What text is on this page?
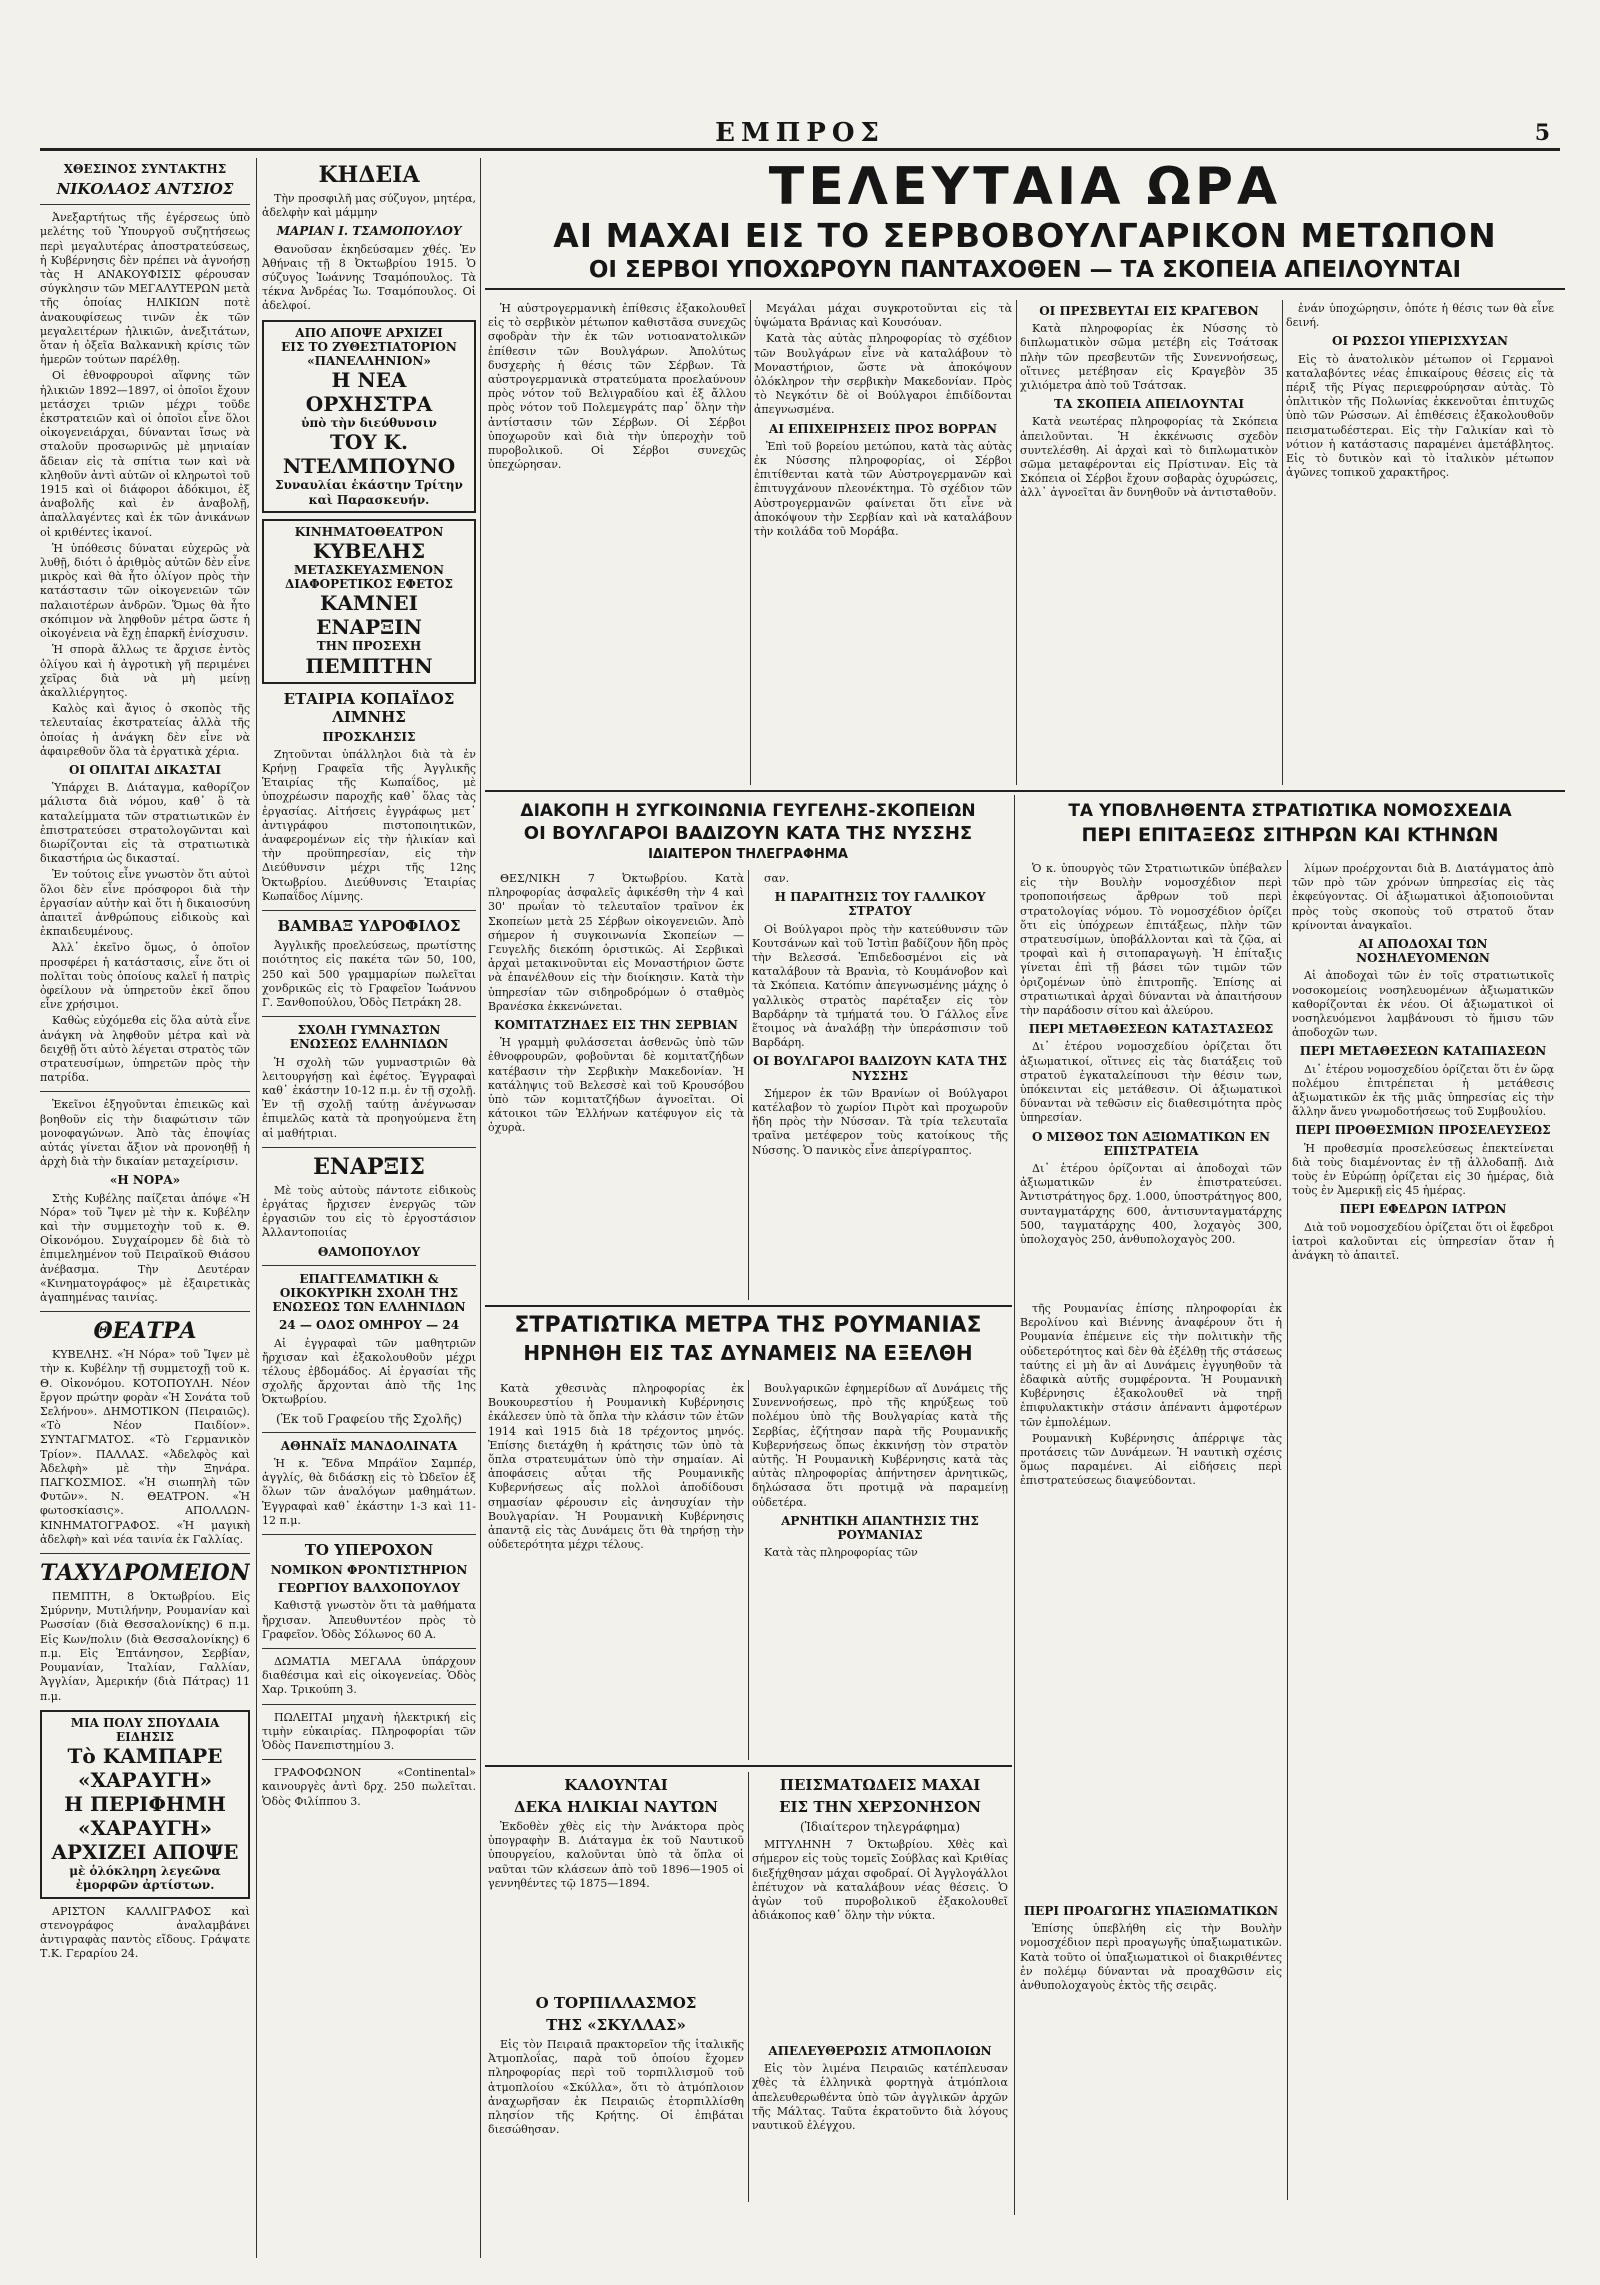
ΕΜΠΡΟΣ	5
ΧΘΕΣΙΝΟΣ ΣΥΝΤΑΚΤΗΣ
ΝΙΚΟΛΑΟΣ ΑΝΤΣΙΟΣ
Ἀνεξαρτήτως τῆς ἐγέρσεως ὑπὸ μελέτης τοῦ Ὑπουργοῦ συζητήσεως περὶ μεγαλυτέρας ἀποστρατεύσεως, ἡ Κυβέρνησις δὲν πρέπει νὰ ἀγνοήσῃ τὰς Η ΑΝΑΚΟΥΦΙΣΙΣ φέρουσαν σύγκλησιν τῶν ΜΕΓΑΛΥΤΕΡΩΝ μετὰ τῆς ὁποίας ΗΛΙΚΙΩΝ ποτὲ ἀνακουφίσεως τινῶν ἐκ τῶν μεγαλειτέρων ἡλικιῶν, ἀνεξιτάτων, ὅταν ἡ ὀξεῖα Βαλκανικὴ κρίσις τῶν ἡμερῶν τούτων παρέλθῃ.
Οἱ ἐθνοφρουροὶ αἵφνης τῶν ἡλικιῶν 1892—1897, οἱ ὁποῖοι ἔχουν μετάσχει τριῶν μέχρι τοῦδε ἐκστρατειῶν καὶ οἱ ὁποῖοι εἶνε ὅλοι οἰκογενειάρχαι, δύνανται ἴσως νὰ σταλοῦν προσωρινῶς μὲ μηνιαίαν ἄδειαν εἰς τὰ σπίτια των καὶ νὰ κληθοῦν ἀντὶ αὐτῶν οἱ κληρωτοὶ τοῦ 1915 καὶ οἱ διάφοροι ἀδόκιμοι, ἐξ ἀναβολῆς καὶ ἐν ἀναβολῇ, ἀπαλλαγέντες καὶ ἐκ τῶν ἀνικάνων οἱ κριθέντες ἱκανοί.
Ἡ ὑπόθεσις δύναται εὐχερῶς νὰ λυθῇ, διότι ὁ ἀριθμὸς αὐτῶν δὲν εἶνε μικρὸς καὶ θὰ ἦτο ὀλίγον πρὸς τὴν κατάστασιν τῶν οἰκογενειῶν τῶν παλαιοτέρων ἀνδρῶν. Ὅμως θὰ ἦτο σκόπιμον νὰ ληφθοῦν μέτρα ὥστε ἡ οἰκογένεια νὰ ἔχῃ ἐπαρκῆ ἐνίσχυσιν.
Ἡ σπορὰ ἄλλως τε ἄρχισε ἐντὸς ὀλίγου καὶ ἡ ἀγροτικὴ γῆ περιμένει χεῖρας διὰ νὰ μὴ μείνῃ ἀκαλλιέργητος.
Καλὸς καὶ ἄγιος ὁ σκοπὸς τῆς τελευταίας ἐκστρατείας ἀλλὰ τῆς ὁποίας ἡ ἀνάγκη δὲν εἶνε νὰ ἀφαιρεθοῦν ὅλα τὰ ἐργατικὰ χέρια.
ΟΙ ΟΠΛΙΤΑΙ ΔΙΚΑΣΤΑΙ
Ὑπάρχει Β. Διάταγμα, καθορίζον μάλιστα διὰ νόμου, καθ᾽ ὃ τὰ καταλείμματα τῶν στρατιωτικῶν ἐν ἐπιστρατεύσει στρατολογῶνται καὶ διωρίζονται εἰς τὰ στρατιωτικὰ δικαστήρια ὡς δικασταί.
Ἐν τούτοις εἶνε γνωστὸν ὅτι αὐτοὶ ὅλοι δὲν εἶνε πρόσφοροι διὰ τὴν ἐργασίαν αὐτὴν καὶ ὅτι ἡ δικαιοσύνη ἀπαιτεῖ ἀνθρώπους εἰδικοὺς καὶ ἐκπαιδευμένους.
Ἀλλ᾽ ἐκεῖνο ὅμως, ὁ ὁποῖον προσφέρει ἡ κατάστασις, εἶνε ὅτι οἱ πολῖται τοὺς ὁποίους καλεῖ ἡ πατρὶς ὀφείλουν νὰ ὑπηρετοῦν ἐκεῖ ὅπου εἶνε χρήσιμοι.
Καθὼς εὐχόμεθα εἰς ὅλα αὐτὰ εἶνε ἀνάγκη νὰ ληφθοῦν μέτρα καὶ νὰ δειχθῇ ὅτι αὐτὸ λέγεται στρατὸς τῶν στρατευσίμων, ὑπηρετῶν πρὸς τὴν πατρίδα.
Ἐκεῖνοι ἐξηγοῦνται ἐπιεικῶς καὶ βοηθοῦν εἰς τὴν διαφώτισιν τῶν μονοφαγώνων. Ἀπὸ τὰς ἐποψίας αὐτάς γίνεται ἄξιον νὰ προνοηθῇ ἡ ἀρχὴ διὰ τὴν δικαίαν μεταχείρισιν.
«Η ΝΟΡΑ»
Στὴς Κυβέλης παίζεται ἀπόψε «Ἡ Νόρα» τοῦ Ἴψεν μὲ τὴν κ. Κυβέλην καὶ τὴν συμμετοχὴν τοῦ κ. Θ. Οἰκονόμου. Συγχαίρομεν δὲ διὰ τὸ ἐπιμελημένον τοῦ Πειραϊκοῦ Θιάσου ἀνέβασμα. Τὴν Δευτέραν «Κινηματογράφος» μὲ ἐξαιρετικὰς ἀγαπημένας ταινίας.
ΘΕΑΤΡΑ
ΚΥΒΕΛΗΣ. «Ἡ Νόρα» τοῦ Ἴψεν μὲ τὴν κ. Κυβέλην τῇ συμμετοχῇ τοῦ κ. Θ. Οἰκονόμου. ΚΟΤΟΠΟΥΛΗ. Νέον ἔργον πρώτην φορὰν «Ἡ Σονάτα τοῦ Σελήνου». ΔΗΜΟΤΙΚΟΝ (Πειραιῶς). «Τὸ Νέον Παιδίον». ΣΥΝΤΑΓΜΑΤΟΣ. «Τὸ Γερμανικὸν Τρίον». ΠΑΛΛΑΣ. «Ἀδελφὸς καὶ Ἀδελφὴ» μὲ τὴν Ξηνάρα. ΠΑΓΚΟΣΜΙΟΣ. «Ἡ σιωπηλὴ τῶν Φυτῶν». Ν. ΘΕΑΤΡΟΝ. «Ἡ φωτοσκίασις». ΑΠΟΛΛΩΝ-ΚΙΝΗΜΑΤΟΓΡΑΦΟΣ. «Ἡ μαγικὴ ἀδελφὴ» καὶ νέα ταινία ἐκ Γαλλίας.
ΤΑΧΥΔΡΟΜΕΙΟΝ
ΠΕΜΠΤΗ, 8 Ὀκτωβρίου. Εἰς Σμύρνην, Μυτιλήνην, Ρουμανίαν καὶ Ρωσσίαν (διὰ Θεσσαλονίκης) 6 π.μ. Εἰς Κων/πολιν (διὰ Θεσσαλονίκης) 6 π.μ. Εἰς Ἑπτάνησον, Σερβίαν, Ρουμανίαν, Ἰταλίαν, Γαλλίαν, Ἀγγλίαν, Ἀμερικήν (διὰ Πάτρας) 11 π.μ.
ΜΙΑ ΠΟΛΥ ΣΠΟΥΔΑΙΑ ΕΙΔΗΣΙΣ
Τὸ ΚΑΜΠΑΡΕ «ΧΑΡΑΥΓΗ»
Η ΠΕΡΙΦΗΜΗ «ΧΑΡΑΥΓΗ»
ΑΡΧΙΖΕΙ ΑΠΟΨΕ
μὲ ὁλόκληρη λεγεῶνα ἐμορφῶν ἀρτίστων.
ΑΡΙΣΤΟΝ ΚΑΛΛΙΓΡΑΦΟΣ καὶ στενογράφος ἀναλαμβάνει ἀντιγραφὰς παντὸς εἴδους. Γράψατε Τ.Κ. Γεραρίου 24.
ΚΗΔΕΙΑ
Τὴν προσφιλῆ μας σύζυγον, μητέρα, ἀδελφὴν καὶ μάμμην
ΜΑΡΙΑΝ Ι. ΤΣΑΜΟΠΟΥΛΟΥ
Θανοῦσαν ἐκηδεύσαμεν χθές. Ἐν Ἀθήναις τῇ 8 Ὀκτωβρίου 1915. Ὁ σύζυγος Ἰωάννης Τσαμόπουλος. Τὰ τέκνα Ἀνδρέας Ἰω. Τσαμόπουλος. Οἱ ἀδελφοί.
ΑΠΟ ΑΠΟΨΕ ΑΡΧΙΖΕΙ
ΕΙΣ ΤΟ ΖΥΘΕΣΤΙΑΤΟΡΙΟΝ «ΠΑΝΕΛΛΗΝΙΟΝ»
Η ΝΕΑ ΟΡΧΗΣΤΡΑ
ὑπὸ τὴν διεύθυνσιν
ΤΟΥ Κ. ΝΤΕΛΜΠΟΥΝΟ
Συναυλίαι ἑκάστην Τρίτην καὶ Παρασκευήν.
ΚΙΝΗΜΑΤΟΘΕΑΤΡΟΝ
ΚΥΒΕΛΗΣ
ΜΕΤΑΣΚΕΥΑΣΜΕΝΟΝ
ΔΙΑΦΟΡΕΤΙΚΟΣ ΕΦΕΤΟΣ
ΚΑΜΝΕΙ ΕΝΑΡΞΙΝ
ΤΗΝ ΠΡΟΣΕΧΗ
ΠΕΜΠΤΗΝ
ΕΤΑΙΡΙΑ ΚΟΠΑΪΔΟΣ ΛΙΜΝΗΣ
ΠΡΟΣΚΛΗΣΙΣ
Ζητοῦνται ὑπάλληλοι διὰ τὰ ἐν Κρήνῃ Γραφεῖα τῆς Ἀγγλικῆς Ἑταιρίας τῆς Κωπαΐδος, μὲ ὑποχρέωσιν παροχῆς καθ᾽ ὅλας τὰς ἐργασίας. Αἰτήσεις ἐγγράφως μετ᾽ ἀντιγράφου πιστοποιητικῶν, ἀναφερομένων εἰς τὴν ἡλικίαν καὶ τὴν προϋπηρεσίαν, εἰς τὴν Διεύθυνσιν μέχρι τῆς 12ης Ὀκτωβρίου. Διεύθυνσις Ἑταιρίας Κωπαΐδος Λίμνης.
ΒΑΜΒΑΞ ΥΔΡΟΦΙΛΟΣ
Ἀγγλικῆς προελεύσεως, πρωτίστης ποιότητος εἰς πακέτα τῶν 50, 100, 250 καὶ 500 γραμμαρίων πωλεῖται χονδρικῶς εἰς τὸ Γραφεῖον Ἰωάννου Γ. Ξανθοπούλου, Ὁδὸς Πετράκη 28.
ΣΧΟΛΗ ΓΥΜΝΑΣΤΩΝ ΕΝΩΣΕΩΣ ΕΛΛΗΝΙΔΩΝ
Ἡ σχολὴ τῶν γυμναστριῶν θὰ λειτουργήσῃ καὶ ἐφέτος. Ἐγγραφαὶ καθ᾽ ἑκάστην 10-12 π.μ. ἐν τῇ σχολῇ. Ἐν τῇ σχολῇ ταύτῃ ἀνέγνωσαν ἐπιμελῶς κατὰ τὰ προηγούμενα ἔτη αἱ μαθήτριαι.
ΕΝΑΡΞΙΣ
Μὲ τοὺς αὐτοὺς πάντοτε εἰδικοὺς ἐργάτας ἤρχισεν ἐνεργῶς τῶν ἐργασιῶν του εἰς τὸ ἐργοστάσιον Ἀλλαντοποιίας
ΘΑΜΟΠΟΥΛΟΥ
ΕΠΑΓΓΕΛΜΑΤΙΚΗ & ΟΙΚΟΚΥΡΙΚΗ ΣΧΟΛΗ ΤΗΣ ΕΝΩΣΕΩΣ ΤΩΝ ΕΛΛΗΝΙΔΩΝ
24 — ΟΔΟΣ ΟΜΗΡΟΥ — 24
Αἱ ἐγγραφαὶ τῶν μαθητριῶν ἤρχισαν καὶ ἐξακολουθοῦν μέχρι τέλους ἐβδομάδος. Αἱ ἐργασίαι τῆς σχολῆς ἄρχονται ἀπὸ τῆς 1ης Ὀκτωβρίου.
(Ἐκ τοῦ Γραφείου τῆς Σχολῆς)
ΑΘΗΝΑΪΣ ΜΑΝΔΟΛΙΝΑΤΑ
Ἡ κ. Ἔδνα Μπράϊον Σαμπέρ, ἀγγλίς, θὰ διδάσκῃ εἰς τὸ Ὠδεῖον ἐξ ὅλων τῶν ἀναλόγων μαθημάτων. Ἐγγραφαὶ καθ᾽ ἑκάστην 1-3 καὶ 11-12 π.μ.
ΤΟ ΥΠΕΡΟΧΟΝ
ΝΟΜΙΚΟΝ ΦΡΟΝΤΙΣΤΗΡΙΟΝ
ΓΕΩΡΓΙΟΥ ΒΑΛΧΟΠΟΥΛΟΥ
Καθιστᾷ γνωστὸν ὅτι τὰ μαθήματα ἤρχισαν. Ἀπευθυντέον πρὸς τὸ Γραφεῖον. Ὁδὸς Σόλωνος 60 Α.
ΔΩΜΑΤΙΑ ΜΕΓΑΛΑ ὑπάρχουν διαθέσιμα καὶ εἰς οἰκογενείας. Ὁδὸς Χαρ. Τρικούπη 3.
ΠΩΛΕΙΤΑΙ μηχανὴ ἠλεκτρική εἰς τιμὴν εὐκαιρίας. Πληροφορίαι τῶν Ὁδὸς Πανεπιστημίου 3.
ΓΡΑΦΟΦΩΝΟΝ «Continental» καινουργὲς ἀντὶ δρχ. 250 πωλεῖται. Ὁδὸς Φιλίππου 3.
ΤΕΛΕΥΤΑΙΑ ΩΡΑ
ΑΙ ΜΑΧΑΙ ΕΙΣ ΤΟ ΣΕΡΒΟΒΟΥΛΓΑΡΙΚΟΝ ΜΕΤΩΠΟΝ
ΟΙ ΣΕΡΒΟΙ ΥΠΟΧΩΡΟΥΝ ΠΑΝΤΑΧΟΘΕΝ — ΤΑ ΣΚΟΠΕΙΑ ΑΠΕΙΛΟΥΝΤΑΙ
Ἡ αὐστρογερμανικὴ ἐπίθεσις ἐξακολουθεῖ εἰς τὸ σερβικὸν μέτωπον καθιστᾶσα συνεχῶς σφοδρὰν τὴν ἐκ τῶν νοτιοανατολικῶν ἐπίθεσιν τῶν Βουλγάρων. Ἀπολύτως δυσχερὴς ἡ θέσις τῶν Σέρβων. Τὰ αὐστρογερμανικὰ στρατεύματα προελαύνουν πρὸς νότον τοῦ Βελιγραδίου καὶ ἐξ ἄλλου πρὸς νότον τοῦ Πολεμεγράτς παρ᾽ ὅλην τὴν ἀντίστασιν τῶν Σέρβων. Οἱ Σέρβοι ὑποχωροῦν καὶ διὰ τὴν ὑπεροχὴν τοῦ πυροβολικοῦ. Οἱ Σέρβοι συνεχῶς ὑπεχώρησαν.
Μεγάλαι μάχαι συγκροτοῦνται εἰς τὰ ὑψώματα Βράνιας καὶ Κουσόυαν.
Κατὰ τὰς αὐτὰς πληροφορίας τὸ σχέδιον τῶν Βουλγάρων εἶνε νὰ καταλάβουν τὸ Μοναστήριον, ὥστε νὰ ἀποκόψουν ὁλόκληρον τὴν σερβικὴν Μακεδονίαν. Πρὸς τὸ Νεγκότιν δὲ οἱ Βούλγαροι ἐπιδίδονται ἀπεγνωσμένα.
ΑΙ ΕΠΙΧΕΙΡΗΣΕΙΣ ΠΡΟΣ ΒΟΡΡΑΝ
Ἐπὶ τοῦ βορείου μετώπου, κατὰ τὰς αὐτὰς ἐκ Νύσσης πληροφορίας, οἱ Σέρβοι ἐπιτίθενται κατὰ τῶν Αὐστρογερμανῶν καὶ ἐπιτυγχάνουν πλεονέκτημα. Τὸ σχέδιον τῶν Αὐστρογερμανῶν φαίνεται ὅτι εἶνε νὰ ἀποκόψουν τὴν Σερβίαν καὶ νὰ καταλάβουν τὴν κοιλάδα τοῦ Μοράβα.
ΟΙ ΠΡΕΣΒΕΥΤΑΙ ΕΙΣ ΚΡΑΓΕΒΟΝ
Κατὰ πληροφορίας ἐκ Νύσσης τὸ διπλωματικὸν σῶμα μετέβη εἰς Τσάτσακ πλὴν τῶν πρεσβευτῶν τῆς Συνεννοήσεως, οἵτινες μετέβησαν εἰς Κραγεβὸν 35 χιλιόμετρα ἀπὸ τοῦ Τσάτσακ.
ΤΑ ΣΚΟΠΕΙΑ ΑΠΕΙΛΟΥΝΤΑΙ
Κατὰ νεωτέρας πληροφορίας τὰ Σκόπεια ἀπειλοῦνται. Ἡ ἐκκένωσις σχεδὸν συντελέσθη. Αἱ ἀρχαὶ καὶ τὸ διπλωματικὸν σῶμα μεταφέρονται εἰς Πρίστιναν. Εἰς τὰ Σκόπεια οἱ Σέρβοι ἔχουν σοβαρὰς ὀχυρώσεις, ἀλλ᾽ ἀγνοεῖται ἂν δυνηθοῦν νὰ ἀντισταθοῦν.
ἐνάν ὑποχώρησιν, ὁπότε ἡ θέσις των θὰ εἶνε δεινή.
ΟΙ ΡΩΣΣΟΙ ΥΠΕΡΙΣΧΥΣΑΝ
Εἰς τὸ ἀνατολικὸν μέτωπον οἱ Γερμανοὶ καταλαβόντες νέας ἐπικαίρους θέσεις εἰς τὰ πέριξ τῆς Ρίγας περιεφρούρησαν αὐτὰς. Τὸ ὁπλιτικὸν τῆς Πολωνίας ἐκκενοῦται ἐπιτυχῶς ὑπὸ τῶν Ρώσσων. Αἱ ἐπιθέσεις ἐξακολουθοῦν πεισματωδέστεραι. Εἰς τὴν Γαλικίαν καὶ τὸ νότιον ἡ κατάστασις παραμένει ἀμετάβλητος. Εἰς τὸ δυτικὸν καὶ τὸ ἰταλικὸν μέτωπον ἀγῶνες τοπικοῦ χαρακτῆρος.
ΔΙΑΚΟΠΗ Η ΣΥΓΚΟΙΝΩΝΙΑ ΓΕΥΓΕΛΗΣ-ΣΚΟΠΕΙΩΝ
ΟΙ ΒΟΥΛΓΑΡΟΙ ΒΑΔΙΖΟΥΝ ΚΑΤΑ ΤΗΣ ΝΥΣΣΗΣ
ΙΔΙΑΙΤΕΡΟΝ ΤΗΛΕΓΡΑΦΗΜΑ
ΘΕΣ/ΝΙΚΗ 7 Ὀκτωβρίου. Κατὰ πληροφορίας ἀσφαλεῖς ἀφικέσθη τὴν 4 καὶ 30' πρωΐαν τὸ τελευταῖον τραῖνον ἐκ Σκοπείων μετὰ 25 Σέρβων οἰκογενειῶν. Ἀπὸ σήμερον ἡ συγκοινωνία Σκοπείων — Γευγελῆς διεκόπη ὁριστικῶς. Αἱ Σερβικαὶ ἀρχαὶ μετακινοῦνται εἰς Μοναστήριον ὥστε νὰ ἐπανέλθουν εἰς τὴν διοίκησιν. Κατὰ τὴν ὑπηρεσίαν τῶν σιδηροδρόμων ὁ σταθμὸς Βρανέσκα ἐκκενώνεται.
ΚΟΜΙΤΑΤΖΗΔΕΣ ΕΙΣ ΤΗΝ ΣΕΡΒΙΑΝ
Ἡ γραμμὴ φυλάσσεται ἀσθενῶς ὑπὸ τῶν ἐθνοφρουρῶν, φοβοῦνται δὲ κομιτατζήδων κατέβασιν τὴν Σερβικὴν Μακεδονίαν. Ἡ κατάληψις τοῦ Βελεσσὲ καὶ τοῦ Κρουσόβου ὑπὸ τῶν κομιτατζήδων ἀγνοεῖται. Οἱ κάτοικοι τῶν Ἑλλήνων κατέφυγον εἰς τὰ ὀχυρὰ.
σαν.
Η ΠΑΡΑΙΤΗΣΙΣ ΤΟΥ ΓΑΛΛΙΚΟΥ ΣΤΡΑΤΟΥ
Οἱ Βούλγαροι πρὸς τὴν κατεύθυνσιν τῶν Κουτσάνων καὶ τοῦ Ἰστὶπ βαδίζουν ἤδη πρὸς τὴν Βελεσσά. Ἐπιδεδοσμένοι εἰς νὰ καταλάβουν τὰ Βρανὶα, τὸ Κουμάνοβον καὶ τὰ Σκόπεια. Κατόπιν ἀπεγνωσμένης μάχης ὁ γαλλικὸς στρατὸς παρέταξεν εἰς τὸν Βαρδάρην τὰ τμήματά του. Ὁ Γάλλος εἶνε ἕτοιμος νὰ ἀναλάβῃ τὴν ὑπεράσπισιν τοῦ Βαρδάρη.
ΟΙ ΒΟΥΛΓΑΡΟΙ ΒΑΔΙΖΟΥΝ ΚΑΤΑ ΤΗΣ ΝΥΣΣΗΣ
Σήμερον ἐκ τῶν Βρανίων οἱ Βούλγαροι κατέλαβον τὸ χωρίον Πιρὸτ καὶ προχωροῦν ἤδη πρὸς τὴν Νύσσαν. Τὰ τρία τελευταῖα τραῖνα μετέφερον τοὺς κατοίκους τῆς Νύσσης. Ὁ πανικὸς εἶνε ἀπερίγραπτος.
ΤΑ ΥΠΟΒΛΗΘΕΝΤΑ ΣΤΡΑΤΙΩΤΙΚΑ ΝΟΜΟΣΧΕΔΙΑ
ΠΕΡΙ ΕΠΙΤΑΞΕΩΣ ΣΙΤΗΡΩΝ ΚΑΙ ΚΤΗΝΩΝ
Ὁ κ. ὑπουργὸς τῶν Στρατιωτικῶν ὑπέβαλεν εἰς τὴν Βουλὴν νομοσχέδιον περὶ τροποποιήσεως ἄρθρων τοῦ περὶ στρατολογίας νόμου. Τὸ νομοσχέδιον ὁρίζει ὅτι εἰς ὑπόχρεων ἐπιτάξεως, πλὴν τῶν στρατευσίμων, ὑποβάλλονται καὶ τὰ ζῷα, αἱ τροφαὶ καὶ ἡ σιτοπαραγωγὴ. Ἡ ἐπίταξις γίνεται ἐπὶ τῇ βάσει τῶν τιμῶν τῶν ὁριζομένων ὑπὸ ἐπιτροπῆς. Ἐπίσης αἱ στρατιωτικαὶ ἀρχαὶ δύνανται νὰ ἀπαιτήσουν τὴν παράδοσιν σίτου καὶ ἀλεύρου.
ΠΕΡΙ ΜΕΤΑΘΕΣΕΩΝ ΚΑΤΑΣΤΑΣΕΩΣ
Δι᾽ ἑτέρου νομοσχεδίου ὁρίζεται ὅτι ἀξιωματικοί, οἵτινες εἰς τὰς διατάξεις τοῦ στρατοῦ ἐγκαταλείπουσι τὴν θέσιν των, ὑπόκεινται εἰς μετάθεσιν. Οἱ ἀξιωματικοὶ δύνανται νὰ τεθῶσιν εἰς διαθεσιμότητα πρὸς ὑπηρεσίαν.
Ο ΜΙΣΘΟΣ ΤΩΝ ΑΞΙΩΜΑΤΙΚΩΝ ΕΝ ΕΠΙΣΤΡΑΤΕΙΑ
Δι᾽ ἑτέρου ὁρίζονται αἱ ἀποδοχαὶ τῶν ἀξιωματικῶν ἐν ἐπιστρατεύσει. Ἀντιστράτηγος δρχ. 1.000, ὑποστράτηγος 800, συνταγματάρχης 600, ἀντισυνταγματάρχης 500, ταγματάρχης 400, λοχαγὸς 300, ὑπολοχαγὸς 250, ἀνθυπολοχαγὸς 200.
λίμων προέρχονται διὰ Β. Διατάγματος ἀπὸ τῶν πρὸ τῶν χρόνων ὑπηρεσίας εἰς τὰς ἐκφεύγοντας. Οἱ ἀξιωματικοὶ ἀξιοποιοῦνται πρὸς τοὺς σκοποὺς τοῦ στρατοῦ ὅταν κρίνονται ἀναγκαῖοι.
ΑΙ ΑΠΟΔΟΧΑΙ ΤΩΝ ΝΟΣΗΛΕΥΟΜΕΝΩΝ
Αἱ ἀποδοχαὶ τῶν ἐν τοῖς στρατιωτικοῖς νοσοκομείοις νοσηλευομένων ἀξιωματικῶν καθορίζονται ἐκ νέου. Οἱ ἀξιωματικοὶ οἱ νοσηλευόμενοι λαμβάνουσι τὸ ἥμισυ τῶν ἀποδοχῶν των.
ΠΕΡΙ ΜΕΤΑΘΕΣΕΩΝ ΚΑΤΑΠΙΑΣΕΩΝ
Δι᾽ ἑτέρου νομοσχεδίου ὁρίζεται ὅτι ἐν ὥρᾳ πολέμου ἐπιτρέπεται ἡ μετάθεσις ἀξιωματικῶν ἐκ τῆς μιᾶς ὑπηρεσίας εἰς τὴν ἄλλην ἄνευ γνωμοδοτήσεως τοῦ Συμβουλίου.
ΠΕΡΙ ΠΡΟΘΕΣΜΙΩΝ ΠΡΟΣΕΛΕΥΣΕΩΣ
Ἡ προθεσμία προσελεύσεως ἐπεκτείνεται διὰ τοὺς διαμένοντας ἐν τῇ ἀλλοδαπῇ. Διὰ τοὺς ἐν Εὐρώπῃ ὁρίζεται εἰς 30 ἡμέρας, διὰ τοὺς ἐν Ἀμερικῇ εἰς 45 ἡμέρας.
ΠΕΡΙ ΕΦΕΔΡΩΝ ΙΑΤΡΩΝ
Διὰ τοῦ νομοσχεδίου ὁρίζεται ὅτι οἱ ἔφεδροι ἰατροὶ καλοῦνται εἰς ὑπηρεσίαν ὅταν ἡ ἀνάγκη τὸ ἀπαιτεῖ.
ΣΤΡΑΤΙΩΤΙΚΑ ΜΕΤΡΑ ΤΗΣ ΡΟΥΜΑΝΙΑΣ
ΗΡΝΗΘΗ ΕΙΣ ΤΑΣ ΔΥΝΑΜΕΙΣ ΝΑ ΕΞΕΛΘΗ
Κατὰ χθεσινὰς πληροφορίας ἐκ Βουκουρεστίου ἡ Ρουμανικὴ Κυβέρνησις ἐκάλεσεν ὑπὸ τὰ ὅπλα τὴν κλάσιν τῶν ἐτῶν 1914 καὶ 1915 διὰ 18 τρέχοντος μηνός. Ἐπίσης διετάχθη ἡ κράτησις τῶν ὑπὸ τὰ ὅπλα στρατευμάτων ὑπὸ τὴν σημαίαν. Αἱ ἀποφάσεις αὗται τῆς Ρουμανικῆς Κυβερνήσεως αἷς πολλοὶ ἀποδίδουσι σημασίαν φέρουσιν εἰς ἀνησυχίαν τὴν Βουλγαρίαν. Ἡ Ρουμανικὴ Κυβέρνησις ἀπαντᾷ εἰς τὰς Δυνάμεις ὅτι θὰ τηρήσῃ τὴν οὐδετερότητα μέχρι τέλους.
Βουλγαρικῶν ἐφημερίδων αἵ Δυνάμεις τῆς Συνεννοήσεως, πρὸ τῆς κηρύξεως τοῦ πολέμου ὑπὸ τῆς Βουλγαρίας κατὰ τῆς Σερβίας, ἐζήτησαν παρὰ τῆς Ρουμανικῆς Κυβερνήσεως ὅπως ἐκκινήσῃ τὸν στρατὸν αὐτῆς. Ἡ Ρουμανικὴ Κυβέρνησις κατὰ τὰς αὐτὰς πληροφορίας ἀπήντησεν ἀρνητικῶς, δηλώσασα ὅτι προτιμᾷ νὰ παραμείνῃ οὐδετέρα.
ΑΡΝΗΤΙΚΗ ΑΠΑΝΤΗΣΙΣ ΤΗΣ ΡΟΥΜΑΝΙΑΣ
Κατὰ τὰς πληροφορίας τῶν
τῆς Ρουμανίας ἐπίσης πληροφορίαι ἐκ Βερολίνου καὶ Βιέννης ἀναφέρουν ὅτι ἡ Ρουμανία ἐπέμεινε εἰς τὴν πολιτικὴν τῆς οὐδετερότητος καὶ δὲν θὰ ἐξέλθῃ τῆς στάσεως ταύτης εἰ μὴ ἂν αἱ Δυνάμεις ἐγγυηθοῦν τὰ ἐδαφικὰ αὐτῆς συμφέροντα. Ἡ Ρουμανικὴ Κυβέρνησις ἐξακολουθεῖ νὰ τηρῇ ἐπιφυλακτικὴν στάσιν ἀπέναντι ἀμφοτέρων τῶν ἐμπολέμων.
Ρουμανικὴ Κυβέρνησις ἀπέρριψε τὰς προτάσεις τῶν Δυνάμεων. Ἡ ναυτικὴ σχέσις ὅμως παραμένει. Αἱ εἰδήσεις περὶ ἐπιστρατεύσεως διαψεύδονται.
ΚΑΛΟΥΝΤΑΙ
ΔΕΚΑ ΗΛΙΚΙΑΙ ΝΑΥΤΩΝ
Ἐκδοθὲν χθὲς εἰς τὴν Ἀνάκτορα πρὸς ὑπογραφὴν Β. Διάταγμα ἐκ τοῦ Ναυτικοῦ ὑπουργείου, καλοῦνται ὑπὸ τὰ ὅπλα οἱ ναῦται τῶν κλάσεων ἀπὸ τοῦ 1896—1905 οἱ γεννηθέντες τῷ 1875—1894.
Ο ΤΟΡΠΙΛΛΑΣΜΟΣ
ΤΗΣ «ΣΚΥΛΛΑΣ»
Εἰς τὸν Πειραιᾶ πρακτορεῖον τῆς ἰταλικῆς Ἀτμοπλοΐας, παρὰ τοῦ ὁποίου ἔχομεν πληροφορίας περὶ τοῦ τορπιλλισμοῦ τοῦ ἀτμοπλοίου «Σκύλλα», ὅτι τὸ ἀτμόπλοιον ἀναχωρῆσαν ἐκ Πειραιῶς ἐτορπιλλίσθη πλησίον τῆς Κρήτης. Οἱ ἐπιβάται διεσώθησαν.
ΠΕΙΣΜΑΤΩΔΕΙΣ ΜΑΧΑΙ
ΕΙΣ ΤΗΝ ΧΕΡΣΟΝΗΣΟΝ
(Ἰδιαίτερον τηλεγράφημα)
ΜΙΤΥΛΗΝΗ 7 Ὀκτωβρίου. Χθὲς καὶ σήμερον εἰς τοὺς τομεῖς Σούβλας καὶ Κριθίας διεξήχθησαν μάχαι σφοδραί. Οἱ Ἀγγλογάλλοι ἐπέτυχον νὰ καταλάβουν νέας θέσεις. Ὁ ἀγὼν τοῦ πυροβολικοῦ ἐξακολουθεῖ ἀδιάκοπος καθ᾽ ὅλην τὴν νύκτα.
ΑΠΕΛΕΥΘΕΡΩΣΙΣ ΑΤΜΟΠΛΟΙΩΝ
Εἰς τὸν λιμένα Πειραιῶς κατέπλευσαν χθὲς τὰ ἑλληνικὰ φορτηγὰ ἀτμόπλοια ἀπελευθερωθέντα ὑπὸ τῶν ἀγγλικῶν ἀρχῶν τῆς Μάλτας. Ταῦτα ἐκρατοῦντο διὰ λόγους ναυτικοῦ ἐλέγχου.
ΠΕΡΙ ΠΡΟΑΓΩΓΗΣ ΥΠΑΞΙΩΜΑΤΙΚΩΝ
Ἐπίσης ὑπεβλήθη εἰς τὴν Βουλὴν νομοσχέδιον περὶ προαγωγῆς ὑπαξιωματικῶν. Κατὰ τοῦτο οἱ ὑπαξιωματικοὶ οἱ διακριθέντες ἐν πολέμῳ δύνανται νὰ προαχθῶσιν εἰς ἀνθυπολοχαγοὺς ἐκτὸς τῆς σειρᾶς.
